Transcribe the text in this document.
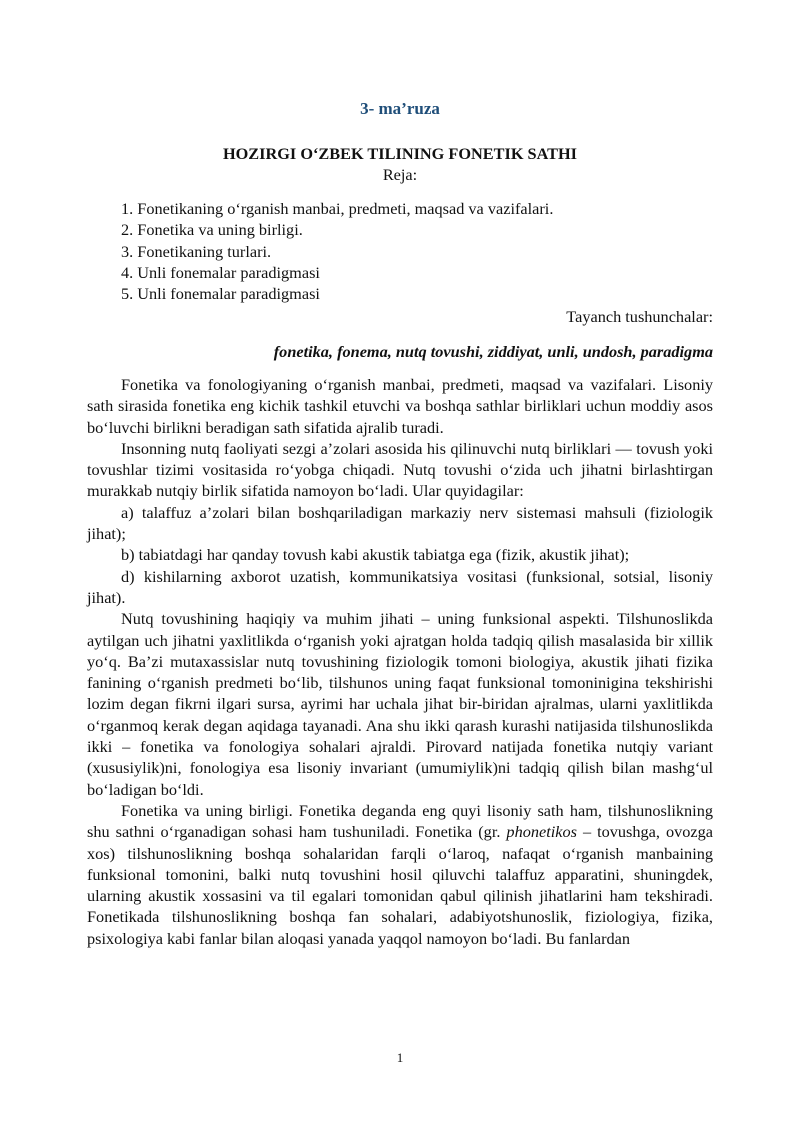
3- ma’ruza
HOZIRGI O‘ZBEK TILINING FONETIK SATHI
Reja:
1. Fonetikaning o‘rganish manbai, predmeti, maqsad va vazifalari.
2. Fonetika va uning birligi.
3. Fonetikaning turlari.
4. Unli fonemalar paradigmasi
5. Unli fonemalar paradigmasi
Tayanch tushunchalar:
fonetika, fonema, nutq tovushi, ziddiyat, unli, undosh, paradigma

Fonetika va fonologiyaning o‘rganish manbai, predmeti, maqsad va vazifalari. Lisoniy sath sirasida fonetika eng kichik tashkil etuvchi va boshqa sathlar birliklari uchun moddiy asos bo‘luvchi birlikni beradigan sath sifatida ajralib turadi.

Insonning nutq faoliyati sezgi a’zolari asosida his qilinuvchi nutq birliklari — tovush yoki tovushlar tizimi vositasida ro‘yobga chiqadi. Nutq tovushi o‘zida uch jihatni birlashtirgan murakkab nutqiy birlik sifatida namoyon bo‘ladi. Ular quyidagilar:

a) talaffuz a’zolari bilan boshqariladigan markaziy nerv sistemasi mahsuli (fiziologik jihat);

b) tabiatdagi har qanday tovush kabi akustik tabiatga ega (fizik, akustik jihat);

d) kishilarning axborot uzatish, kommunikatsiya vositasi (funksional, sotsial, lisoniy jihat).

Nutq tovushining haqiqiy va muhim jihati – uning funksional aspekti. Tilshunoslikda aytilgan uch jihatni yaxlitlikda o‘rganish yoki ajratgan holda tadqiq qilish masalasida bir xillik yo‘q. Ba’zi mutaxassislar nutq tovushining fiziologik tomoni biologiya, akustik jihati fizika fanining o‘rganish predmeti bo‘lib, tilshunos uning faqat funksional tomoninigina tekshirishi lozim degan fikrni ilgari sursa, ayrimi har uchala jihat bir-biridan ajralmas, ularni yaxlitlikda o‘rganmoq kerak degan aqidaga tayanadi. Ana shu ikki qarash kurashi natijasida tilshunoslikda ikki – fonetika va fonologiya sohalari ajraldi. Pirovard natijada fonetika nutqiy variant (xususiylik)ni, fonologiya esa lisoniy invariant (umumiylik)ni tadqiq qilish bilan mashg‘ul bo‘ladigan bo‘ldi.

Fonetika va uning birligi. Fonetika deganda eng quyi lisoniy sath ham, tilshunoslikning shu sathni o‘rganadigan sohasi ham tushuniladi. Fonetika (gr. phonetikos – tovushga, ovozga xos) tilshunoslikning boshqa sohalaridan farqli o‘laroq, nafaqat o‘rganish manbaining funksional tomonini, balki nutq tovushini hosil qiluvchi talaffuz apparatini, shuningdek, ularning akustik xossasini va til egalari tomonidan qabul qilinish jihatlarini ham tekshiradi. Fonetikada tilshunoslikning boshqa fan sohalari, adabiyotshunoslik, fiziologiya, fizika, psixologiya kabi fanlar bilan aloqasi yanada yaqqol namoyon bo‘ladi. Bu fanlardan

1
